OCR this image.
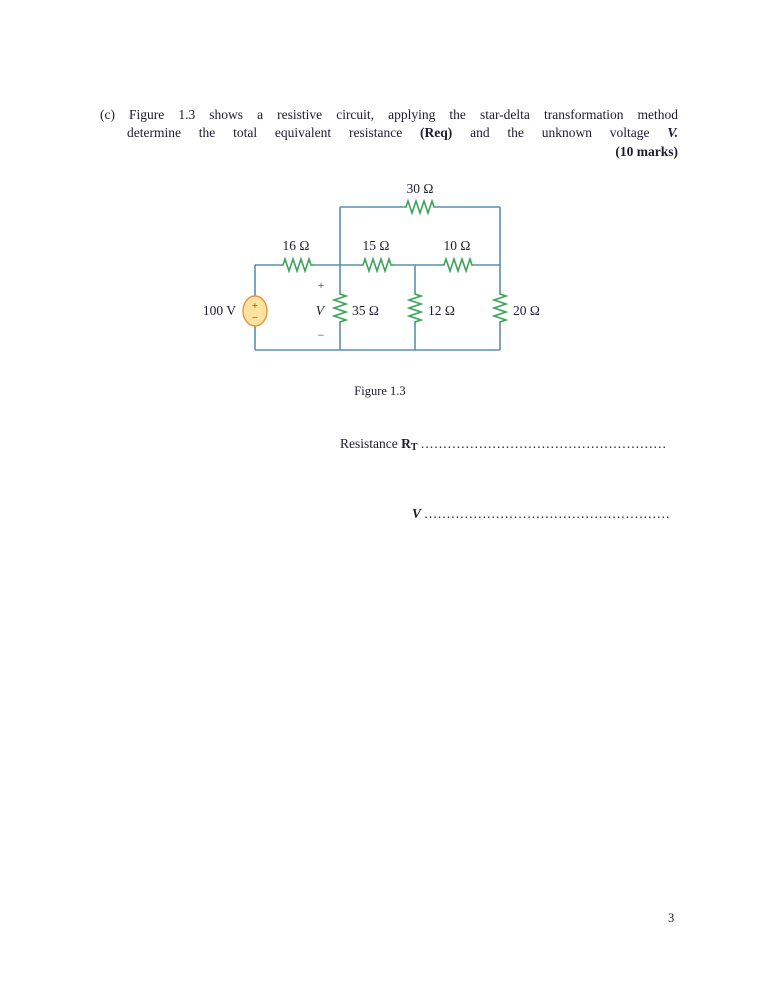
(c) Figure 1.3 shows a resistive circuit, applying the star-delta transformation method
determine the total equivalent resistance (Req) and the unknown voltage V.
(10 marks)
+
−
30 Ω
16 Ω	15 Ω	10 Ω
35 Ω	12 Ω	20 Ω
100 V	V
+
−
Figure 1.3
Resistance RT .......................................................
V .......................................................
3
